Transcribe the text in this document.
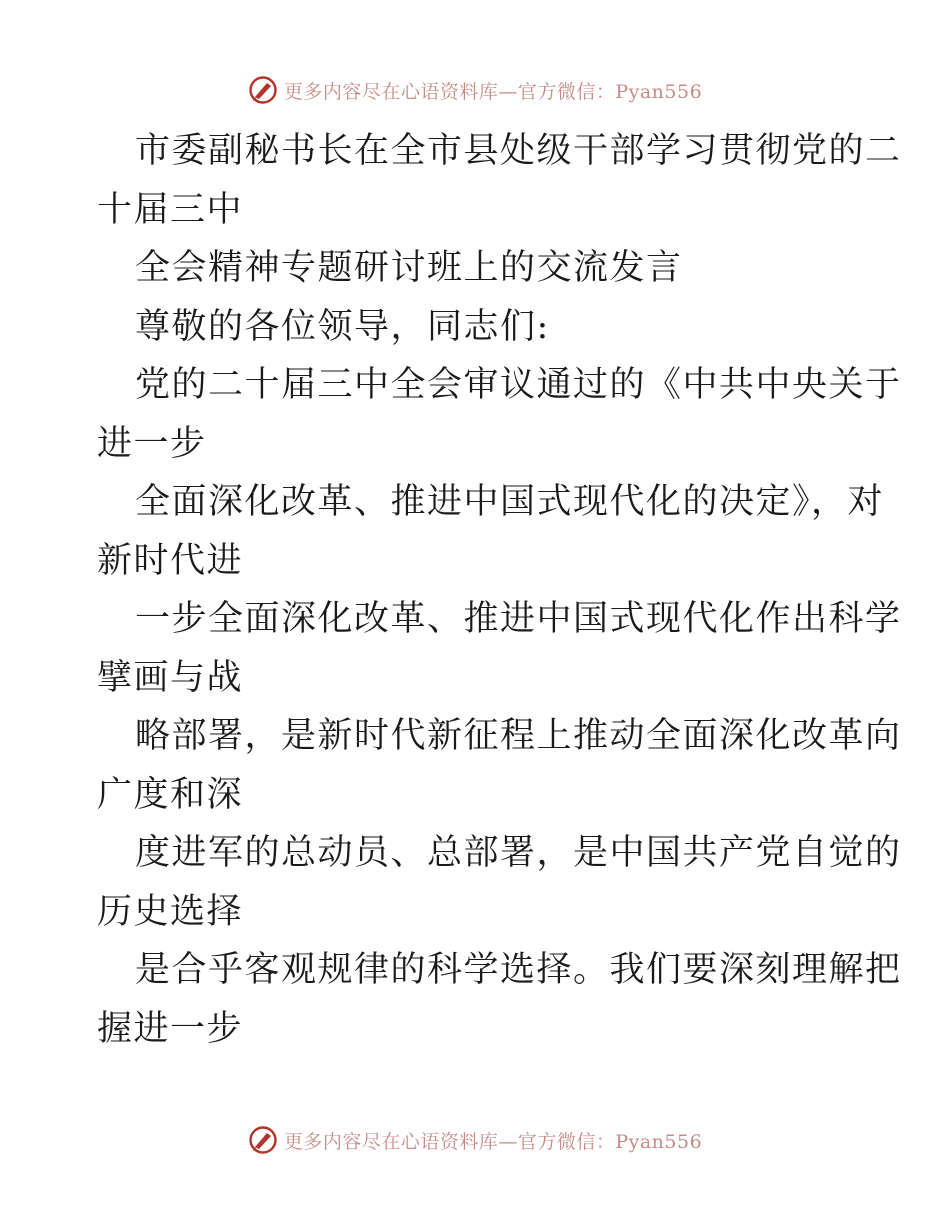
更多内容尽在心语资料库—官方微信：Pyan556
市委副秘书长在全市县处级干部学习贯彻党的二
十届三中
全会精神专题研讨班上的交流发言
尊敬的各位领导，同志们:
党的二十届三中全会审议通过的《中共中央关于
进一步
全面深化改革、推进中国式现代化的决定》，对
新时代进
一步全面深化改革、推进中国式现代化作出科学
擘画与战
略部署，是新时代新征程上推动全面深化改革向
广度和深
度进军的总动员、总部署，是中国共产党自觉的
历史选择
是合乎客观规律的科学选择。我们要深刻理解把
握进一步
更多内容尽在心语资料库—官方微信：Pyan556
